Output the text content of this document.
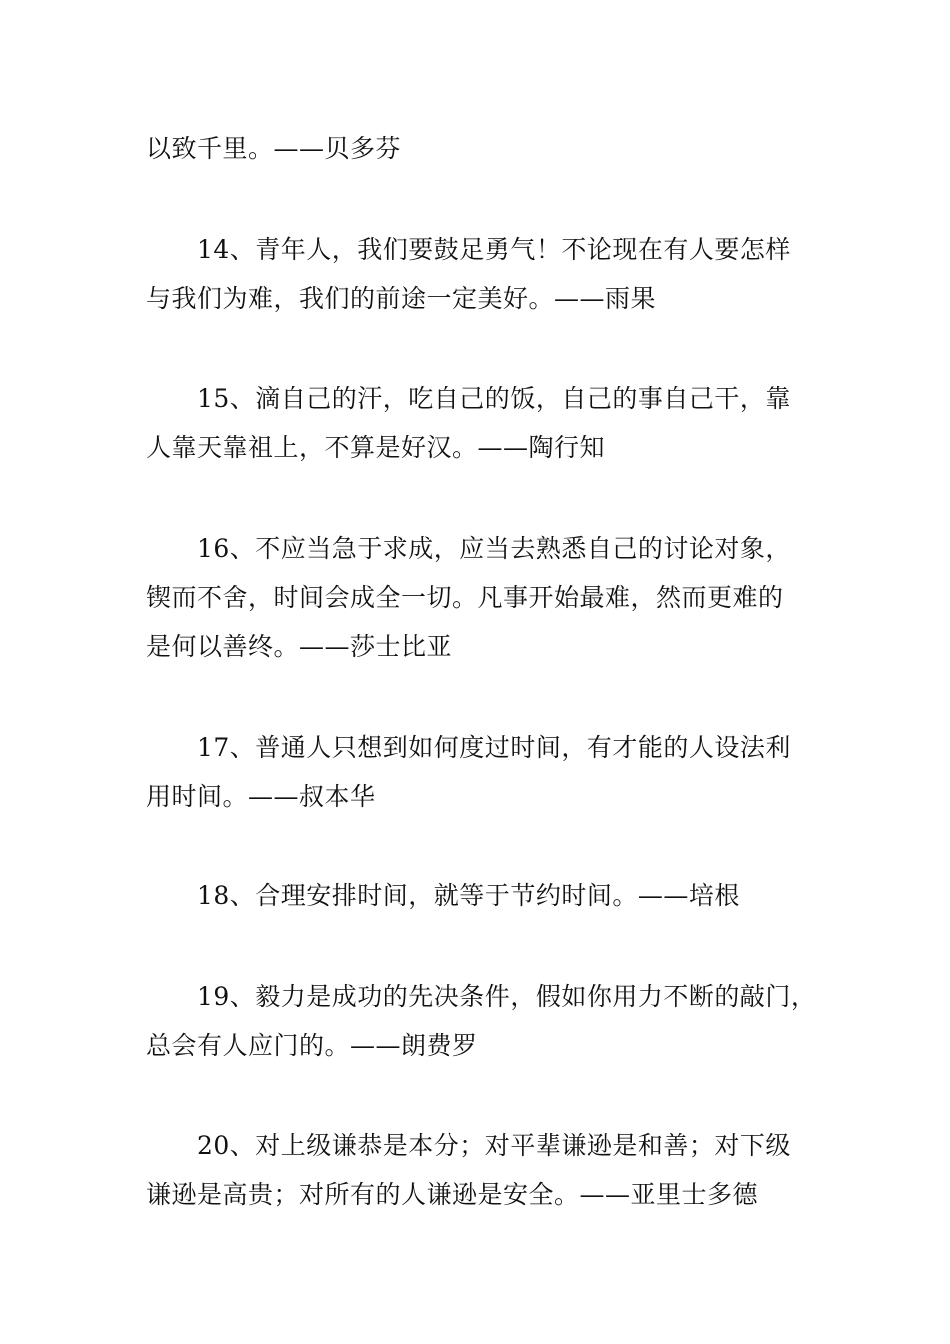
以致千里。——贝多芬

14、青年人，我们要鼓足勇气！不论现在有人要怎样
与我们为难，我们的前途一定美好。——雨果

15、滴自己的汗，吃自己的饭，自己的事自己干，靠
人靠天靠祖上，不算是好汉。——陶行知

16、不应当急于求成，应当去熟悉自己的讨论对象，
锲而不舍，时间会成全一切。凡事开始最难，然而更难的
是何以善终。——莎士比亚

17、普通人只想到如何度过时间，有才能的人设法利
用时间。——叔本华

18、合理安排时间，就等于节约时间。——培根

19、毅力是成功的先决条件，假如你用力不断的敲门，
总会有人应门的。——朗费罗

20、对上级谦恭是本分；对平辈谦逊是和善；对下级
谦逊是高贵；对所有的人谦逊是安全。——亚里士多德
